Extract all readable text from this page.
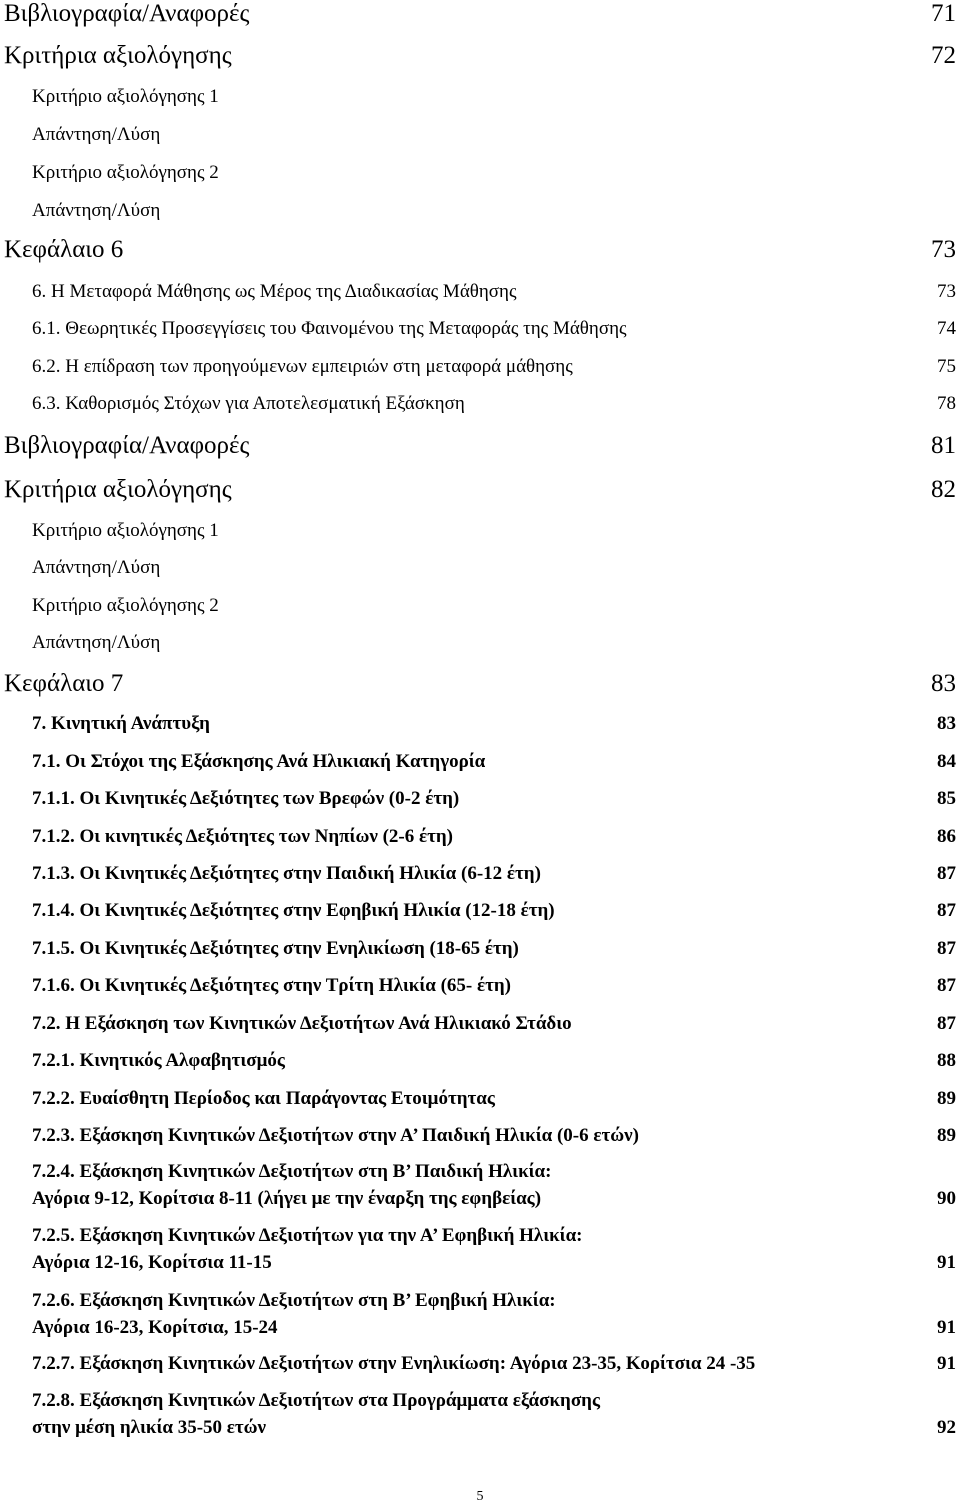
Βιβλιογραφία/Αναφορές	71
Κριτήρια αξιολόγησης	72
Κριτήριο αξιολόγησης 1
Απάντηση/Λύση
Κριτήριο αξιολόγησης 2
Απάντηση/Λύση
Κεφάλαιο 6	73
6. Η Μεταφορά Μάθησης ως Μέρος της Διαδικασίας Μάθησης	73
6.1. Θεωρητικές Προσεγγίσεις του Φαινομένου της Μεταφοράς της Μάθησης	74
6.2. Η επίδραση των προηγούμενων εμπειριών στη μεταφορά μάθησης	75
6.3. Καθορισμός Στόχων για Αποτελεσματική Εξάσκηση	78
Βιβλιογραφία/Αναφορές	81
Κριτήρια αξιολόγησης	82
Κριτήριο αξιολόγησης 1
Απάντηση/Λύση
Κριτήριο αξιολόγησης 2
Απάντηση/Λύση
Κεφάλαιο 7	83
7. Κινητική Ανάπτυξη	83
7.1. Οι Στόχοι της Εξάσκησης Ανά Ηλικιακή Κατηγορία	84
7.1.1. Οι Κινητικές Δεξιότητες των Βρεφών (0-2 έτη)	85
7.1.2. Οι κινητικές Δεξιότητες των Νηπίων (2-6 έτη)	86
7.1.3. Οι Κινητικές Δεξιότητες στην Παιδική Ηλικία (6-12 έτη)	87
7.1.4. Οι Κινητικές Δεξιότητες στην Εφηβική Ηλικία (12-18 έτη)	87
7.1.5. Οι Κινητικές Δεξιότητες στην Ενηλικίωση (18-65 έτη)	87
7.1.6. Οι Κινητικές Δεξιότητες στην Τρίτη Ηλικία (65- έτη)	87
7.2. Η Εξάσκηση των Κινητικών Δεξιοτήτων Ανά Ηλικιακό Στάδιο	87
7.2.1. Κινητικός Αλφαβητισμός	88
7.2.2. Ευαίσθητη Περίοδος και Παράγοντας Ετοιμότητας	89
7.2.3. Εξάσκηση Κινητικών Δεξιοτήτων στην Α’ Παιδική Ηλικία (0-6 ετών)	89
7.2.4. Εξάσκηση Κινητικών Δεξιοτήτων στη Β’ Παιδική Ηλικία:
Αγόρια 9-12, Κορίτσια 8-11 (λήγει με την έναρξη της εφηβείας)	90
7.2.5. Εξάσκηση Κινητικών Δεξιοτήτων για την Α’ Εφηβική Ηλικία:
Αγόρια 12-16, Κορίτσια 11-15	91
7.2.6. Εξάσκηση Κινητικών Δεξιοτήτων στη Β’ Εφηβική Ηλικία:
Αγόρια 16-23, Κορίτσια, 15-24	91
7.2.7. Εξάσκηση Κινητικών Δεξιοτήτων στην Ενηλικίωση: Αγόρια 23-35, Κορίτσια 24 -35	91
7.2.8. Εξάσκηση Κινητικών Δεξιοτήτων στα Προγράμματα εξάσκησης
στην μέση ηλικία 35-50 ετών	92
5
